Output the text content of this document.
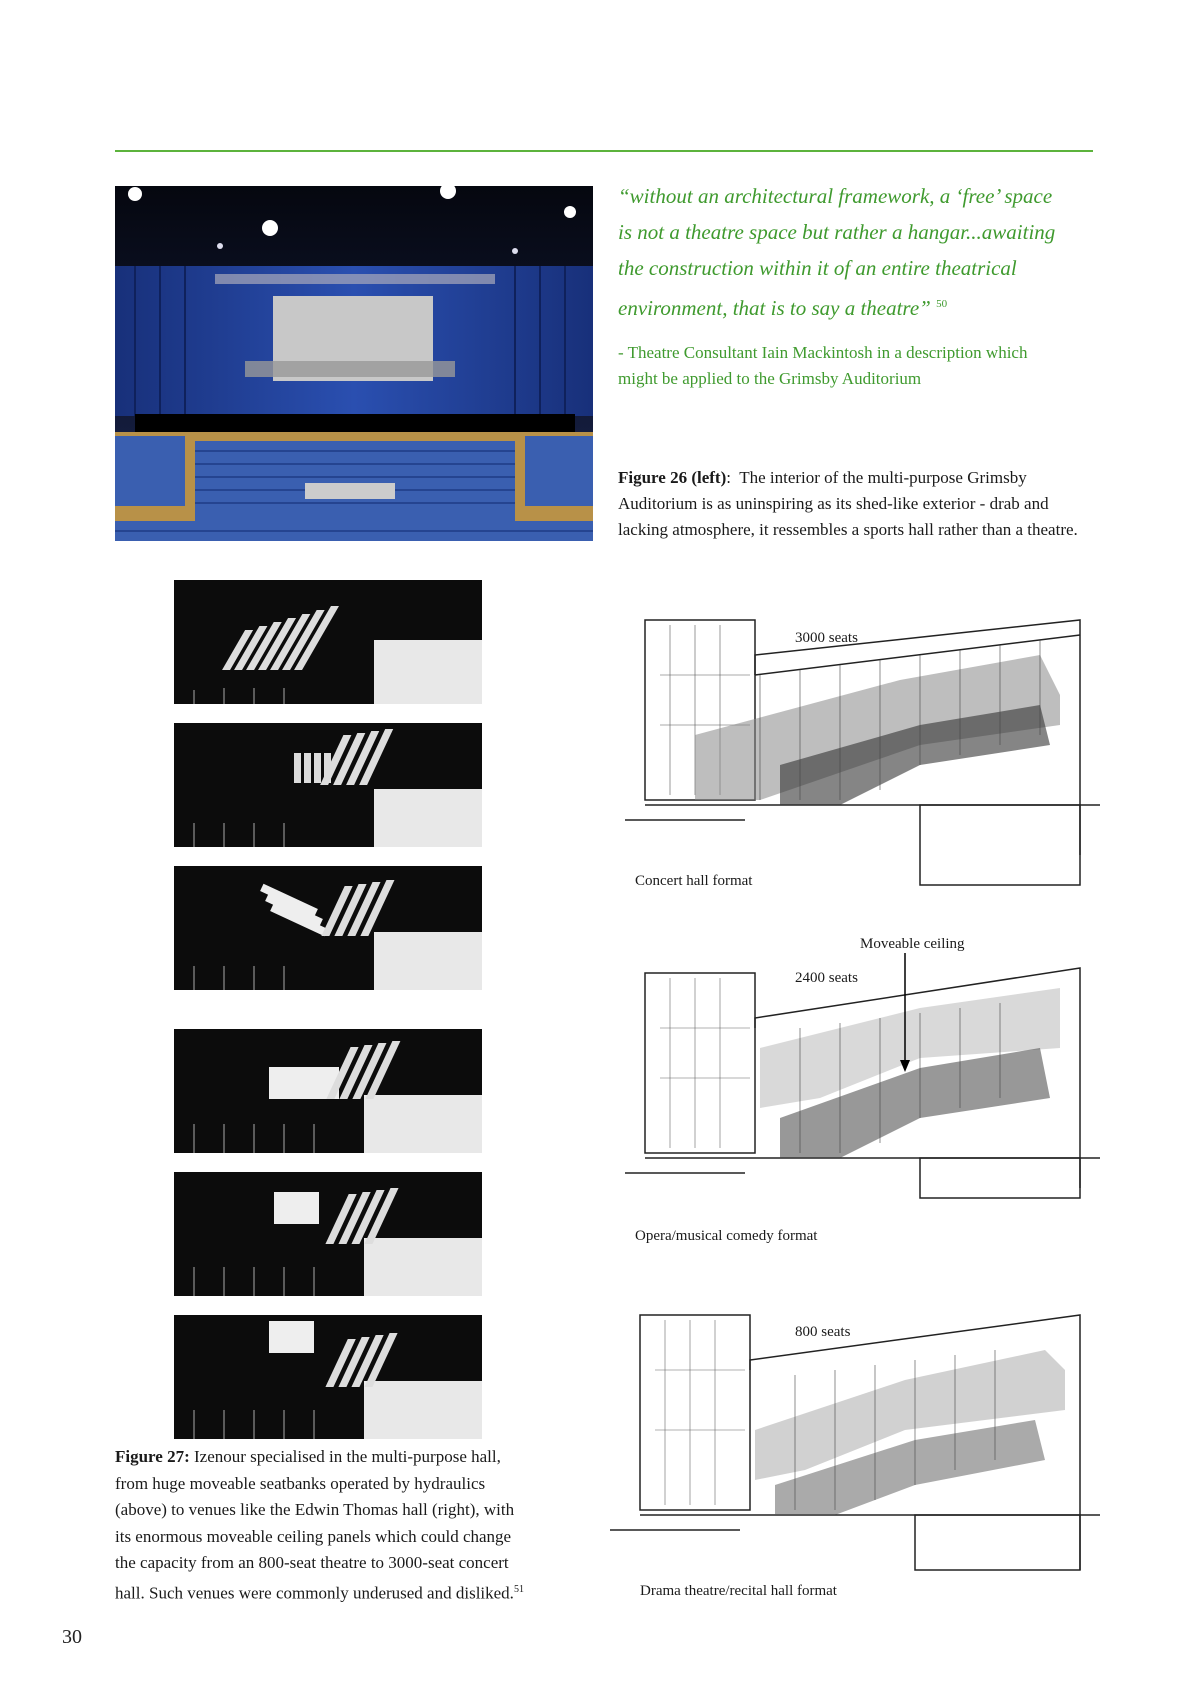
“without an architectural framework, a ‘free’ space
is not a theatre space but rather a hangar...awaiting
the construction within it of an entire theatrical
environment, that is to say a theatre” $^{50}$
- Theatre Consultant Iain Mackintosh in a description which
might be applied to the Grimsby Auditorium
Figure 26 (left):  The interior of the multi-purpose Grimsby
Auditorium is as uninspiring as its shed-like exterior - drab and
lacking atmosphere, it ressembles a sports hall rather than a theatre.
Figure 27: Izenour specialised in the multi-purpose hall,
from huge moveable seatbanks operated by hydraulics
(above) to venues like the Edwin Thomas hall (right), with
its enormous moveable ceiling panels which could change
the capacity from an 800-seat theatre to 3000-seat concert
hall. Such venues were commonly underused and disliked.$^{51}$
3000 seats
Concert hall format
Moveable ceiling
2400 seats
Opera/musical comedy format
800 seats
Drama theatre/recital hall format
30
